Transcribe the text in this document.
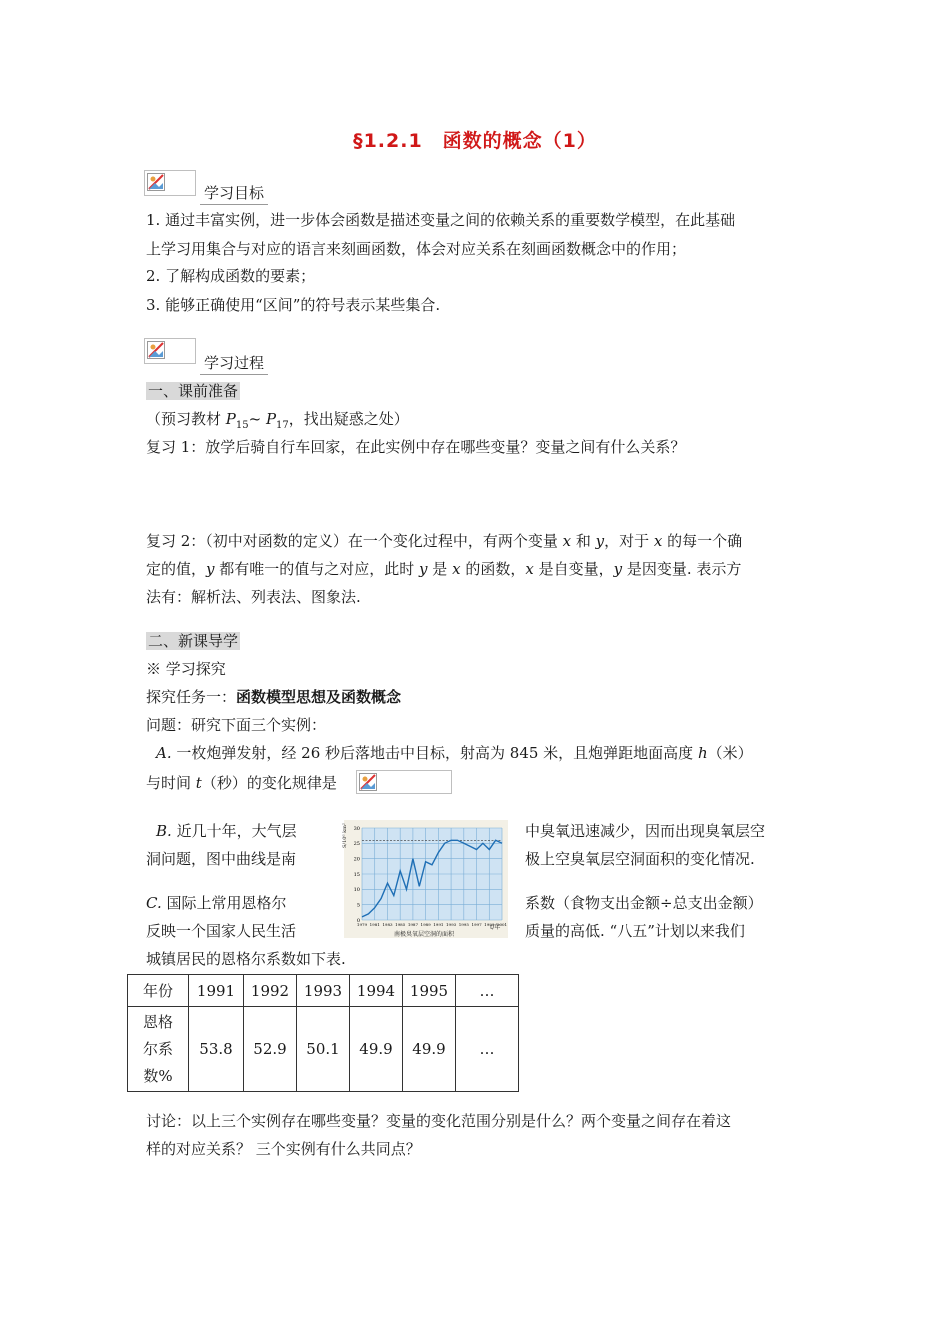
§1.2.1　函数的概念（1）
学习目标
1. 通过丰富实例，进一步体会函数是描述变量之间的依赖关系的重要数学模型，在此基础
上学习用集合与对应的语言来刻画函数，体会对应关系在刻画函数概念中的作用；
2. 了解构成函数的要素；
3. 能够正确使用“区间”的符号表示某些集合.
学习过程
一、课前准备
（预习教材 $P_{15}\sim$ $P_{17}$，找出疑惑之处）
复习 1：放学后骑自行车回家，在此实例中存在哪些变量？变量之间有什么关系？
复习 2：（初中对函数的定义）在一个变化过程中，有两个变量 x 和 y，对于 x 的每一个确
定的值，y 都有唯一的值与之对应，此时 y 是 x 的函数，x 是自变量，y 是因变量. 表示方
法有：解析法、列表法、图象法.
二、新课导学
※ 学习探究
探究任务一：函数模型思想及函数概念
问题：研究下面三个实例：
A. 一枚炮弹发射，经 26 秒后落地击中目标，射高为 845 米，且炮弹距地面高度 h（米）
与时间 t（秒）的变化规律是
B. 近几十年，大气层	中臭氧迅速减少，因而出现臭氧层空
洞问题，图中曲线是南	极上空臭氧层空洞面积的变化情况.
C. 国际上常用恩格尔	系数（食物支出金额÷总支出金额）
反映一个国家人民生活	质量的高低. “八五”计划以来我们
城镇居民的恩格尔系数如下表.
1979 1981 1983 1985 1987 1989 1991 1993 1995 1997 1999 2001
0
5
10
15
20
25
30
S/10⁶ km²
t/年
南极臭氧层空洞的面积
年份	1991	1992	1993	1994	1995	…

恩格
尔系
数%	53.8	52.9	50.1	49.9	49.9	…
讨论：以上三个实例存在哪些变量？变量的变化范围分别是什么？两个变量之间存在着这
样的对应关系？ 三个实例有什么共同点？
